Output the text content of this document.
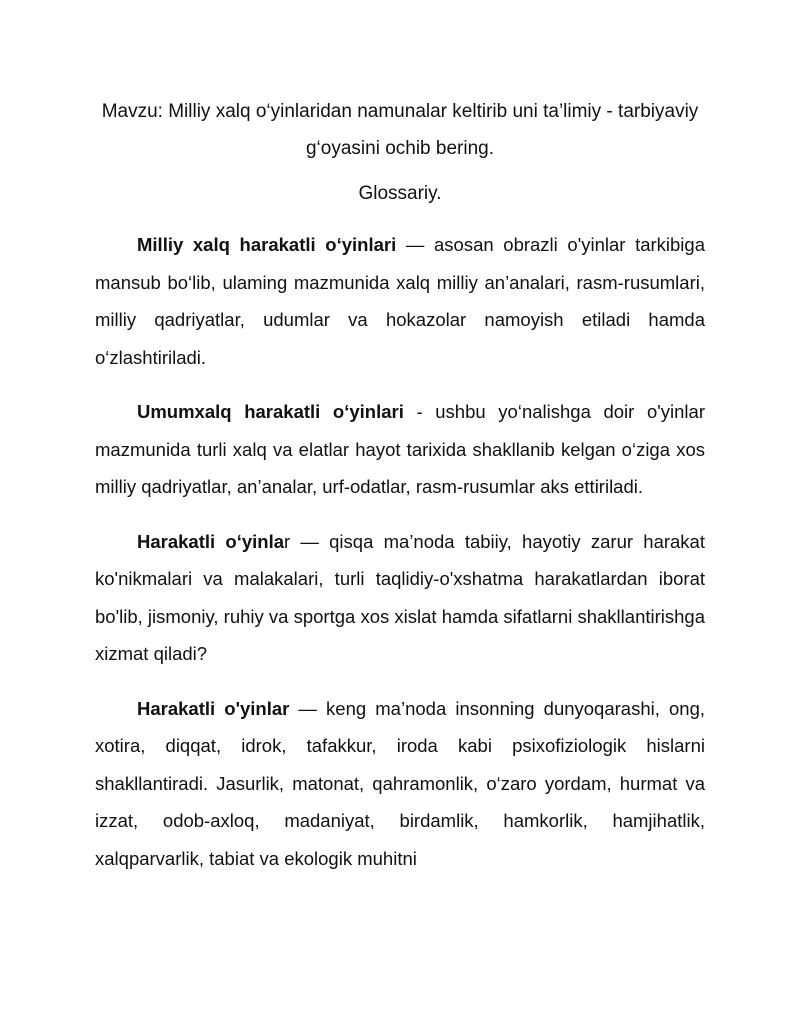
Mavzu: Milliy xalq o‘yinlaridan namunalar keltirib uni ta’limiy - tarbiyaviy g‘oyasini ochib bering.

Glossariy.

Milliy xalq harakatli o‘yinlari — asosan obrazli o'yinlar tarkibiga mansub bo‘lib, ulaming mazmunida xalq milliy an’analari, rasm-rusumlari, milliy qadriyatlar, udumlar va hokazolar namoyish etiladi hamda o‘zlashtiriladi.

Umumxalq harakatli o‘yinlari - ushbu yo‘nalishga doir o'yinlar mazmunida turli xalq va elatlar hayot tarixida shakllanib kelgan o‘ziga xos milliy qadriyatlar, an’analar, urf-odatlar, rasm-rusumlar aks ettiriladi.

Harakatli o‘yinlar — qisqa ma’noda tabiiy, hayotiy zarur harakat ko'nikmalari va malakalari, turli taqlidiy-o'xshatma harakatlardan iborat bo'lib, jismoniy, ruhiy va sportga xos xislat hamda sifatlarni shakllantirishga xizmat qiladi?

Harakatli o'yinlar — keng ma’noda insonning dunyoqarashi, ong, xotira, diqqat, idrok, tafakkur, iroda kabi psixofiziologik hislarni shakllantiradi. Jasurlik, matonat, qahramonlik, o‘zaro yordam, hurmat va izzat, odob-axloq, madaniyat, birdamlik, hamkorlik, hamjihatlik, xalqparvarlik, tabiat va ekologik muhitni
